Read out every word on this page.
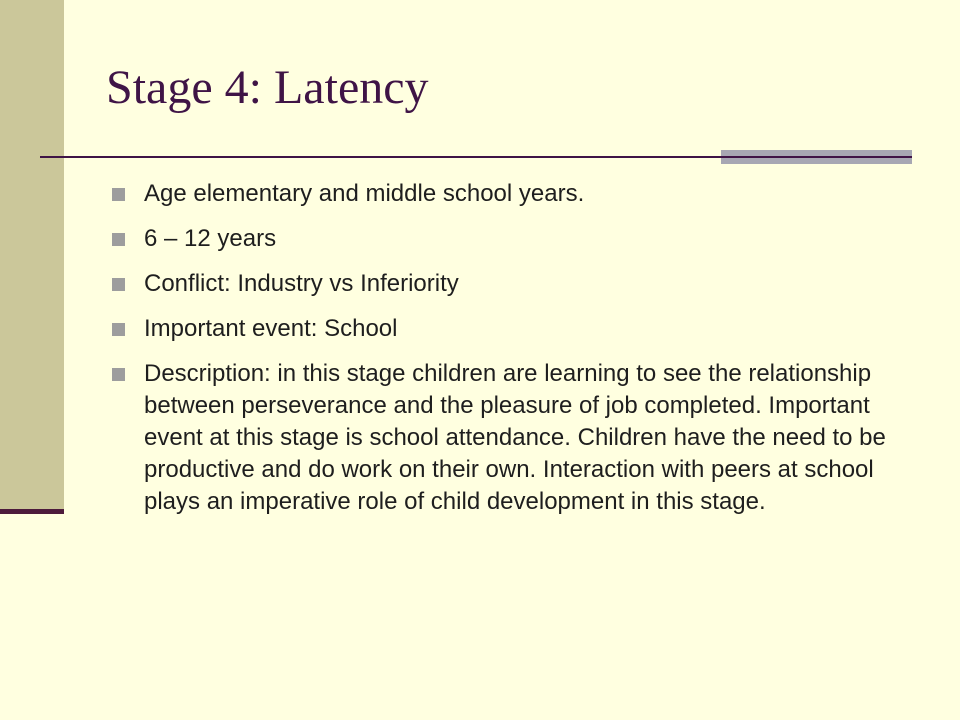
Stage 4: Latency
Age elementary and middle school years.
6 – 12 years
Conflict: Industry vs Inferiority
Important event: School
Description: in this stage children are learning to see the relationship between perseverance and the pleasure of job completed. Important event at this stage is school attendance. Children have the need to be productive and do work on their own. Interaction with peers at school plays an imperative role of child development in this stage.
